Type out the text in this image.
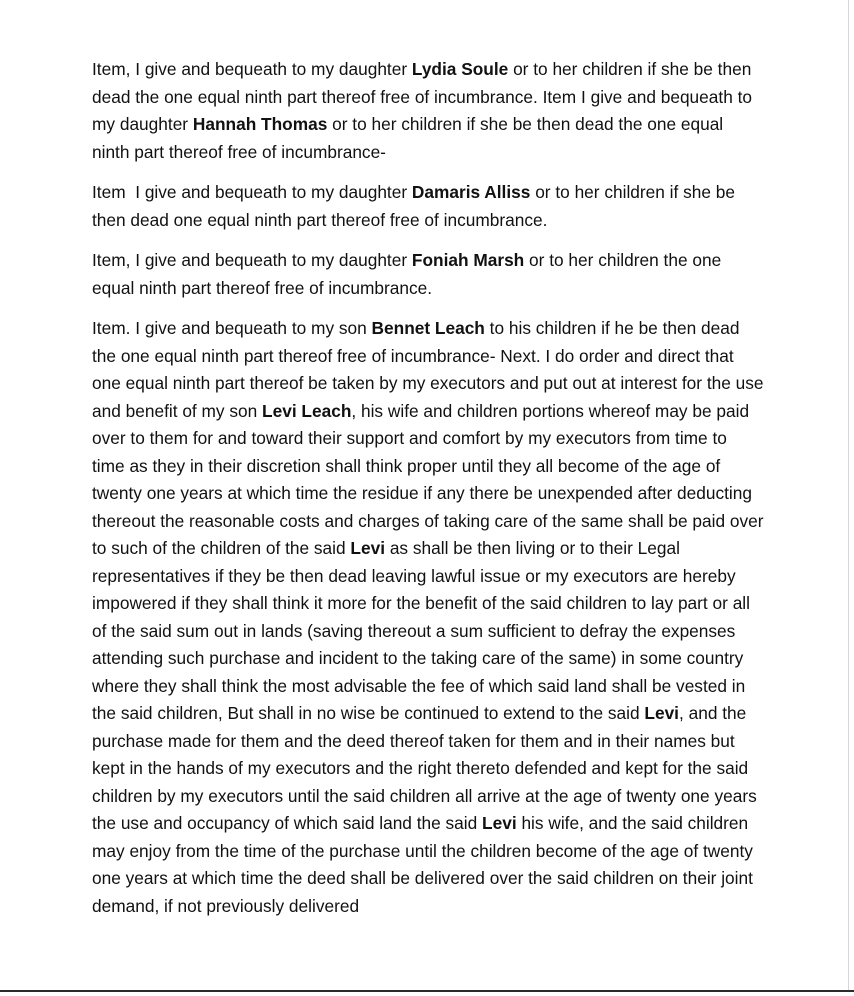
Item, I give and bequeath to my daughter Lydia Soule or to her children if she be then dead the one equal ninth part thereof free of incumbrance. Item I give and bequeath to my daughter Hannah Thomas or to her children if she be then dead the one equal ninth part thereof free of incumbrance-

Item  I give and bequeath to my daughter Damaris Alliss or to her children if she be then dead one equal ninth part thereof free of incumbrance.

Item, I give and bequeath to my daughter Foniah Marsh or to her children the one equal ninth part thereof free of incumbrance.

Item. I give and bequeath to my son Bennet Leach to his children if he be then dead the one equal ninth part thereof free of incumbrance- Next. I do order and direct that one equal ninth part thereof be taken by my executors and put out at interest for the use and benefit of my son Levi Leach, his wife and children portions whereof may be paid over to them for and toward their support and comfort by my executors from time to time as they in their discretion shall think proper until they all become of the age of twenty one years at which time the residue if any there be unexpended after deducting thereout the reasonable costs and charges of taking care of the same shall be paid over to such of the children of the said Levi as shall be then living or to their Legal representatives if they be then dead leaving lawful issue or my executors are hereby impowered if they shall think it more for the benefit of the said children to lay part or all of the said sum out in lands (saving thereout a sum sufficient to defray the expenses attending such purchase and incident to the taking care of the same) in some country where they shall think the most advisable the fee of which said land shall be vested in the said children, But shall in no wise be continued to extend to the said Levi, and the purchase made for them and the deed thereof taken for them and in their names but kept in the hands of my executors and the right thereto defended and kept for the said children by my executors until the said children all arrive at the age of twenty one years the use and occupancy of which said land the said Levi his wife, and the said children may enjoy from the time of the purchase until the children become of the age of twenty one years at which time the deed shall be delivered over the said children on their joint demand, if not previously delivered
